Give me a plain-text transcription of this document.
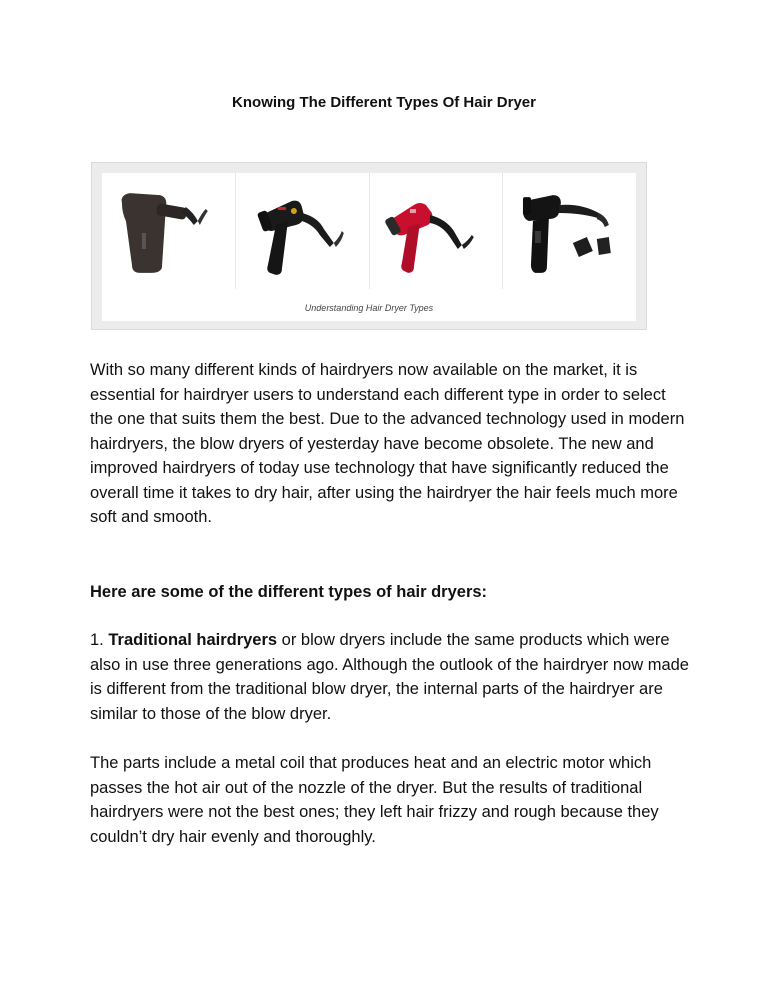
Knowing The Different Types Of Hair Dryer
Understanding Hair Dryer Types

With so many different kinds of hairdryers now available on the market, it is essential for hairdryer users to understand each different type in order to select the one that suits them the best. Due to the advanced technology used in modern hairdryers, the blow dryers of yesterday have become obsolete. The new and improved hairdryers of today use technology that have significantly reduced the overall time it takes to dry hair, after using the hairdryer the hair feels much more soft and smooth.

Here are some of the different types of hair dryers:

1. Traditional hairdryers or blow dryers include the same products which were also in use three generations ago. Although the outlook of the hairdryer now made is different from the traditional blow dryer, the internal parts of the hairdryer are similar to those of the blow dryer.

The parts include a metal coil that produces heat and an electric motor which passes the hot air out of the nozzle of the dryer. But the results of traditional hairdryers were not the best ones; they left hair frizzy and rough because they couldn’t dry hair evenly and thoroughly.
